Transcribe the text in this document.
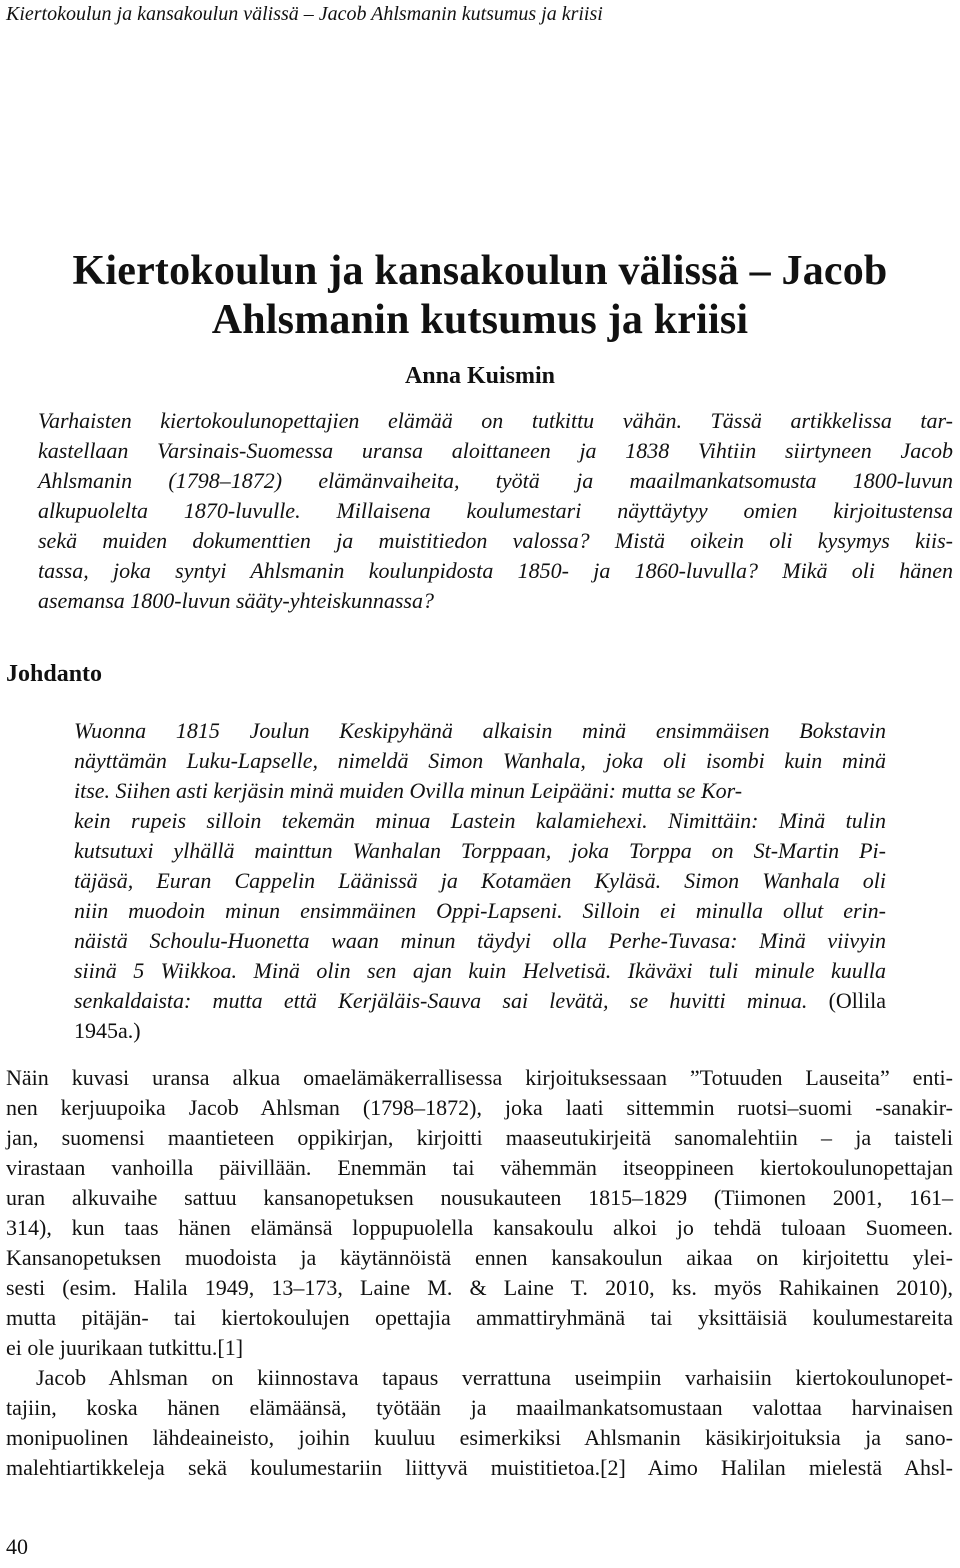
Kiertokoulun ja kansakoulun välissä – Jacob Ahlsmanin kutsumus ja kriisi
Kiertokoulun ja kansakoulun välissä – Jacob
Ahlsmanin kutsumus ja kriisi
Anna Kuismin
Varhaisten kiertokoulunopettajien elämää on tutkittu vähän. Tässä artikkelissa tar-
kastellaan Varsinais-Suomessa uransa aloittaneen ja 1838 Vihtiin siirtyneen Jacob
Ahlsmanin (1798–1872) elämänvaiheita, työtä ja maailmankatsomusta 1800-luvun
alkupuolelta 1870-luvulle. Millaisena koulumestari näyttäytyy omien kirjoitustensa
sekä muiden dokumenttien ja muistitiedon valossa? Mistä oikein oli kysymys kiis-
tassa, joka syntyi Ahlsmanin koulunpidosta 1850- ja 1860-luvulla? Mikä oli hänen
asemansa 1800-luvun sääty-yhteiskunnassa?
Johdanto
Wuonna 1815 Joulun Keskipyhänä alkaisin minä ensimmäisen Bokstavin
näyttämän Luku-Lapselle, nimeldä Simon Wanhala, joka oli isombi kuin minä
itse. Siihen asti kerjäsin minä muiden Ovilla minun Leipääni: mutta se Kor-
kein rupeis silloin tekemän minua Lastein kalamiehexi. Nimittäin: Minä tulin
kutsutuxi ylhällä mainttun Wanhalan Torppaan, joka Torppa on St-Martin Pi-
täjäsä, Euran Cappelin Läänissä ja Kotamäen Kyläsä. Simon Wanhala oli
niin muodoin minun ensimmäinen Oppi-Lapseni. Silloin ei minulla ollut erin-
näistä Schoulu-Huonetta waan minun täydyi olla Perhe-Tuvasa: Minä viivyin
siinä 5 Wiikkoa. Minä olin sen ajan kuin Helvetisä. Ikäväxi tuli minule kuulla
senkaldaista: mutta että Kerjäläis-Sauva sai levätä, se huvitti minua. (Ollila
1945a.)
Näin kuvasi uransa alkua omaelämäkerrallisessa kirjoituksessaan ”Totuuden Lauseita” enti-
nen kerjuupoika Jacob Ahlsman (1798–1872), joka laati sittemmin ruotsi–suomi -sanakir-
jan, suomensi maantieteen oppikirjan, kirjoitti maaseutukirjeitä sanomalehtiin – ja taisteli
virastaan vanhoilla päivillään. Enemmän tai vähemmän itseoppineen kiertokoulunopettajan
uran alkuvaihe sattuu kansanopetuksen nousukauteen 1815–1829 (Tiimonen 2001, 161–
314), kun taas hänen elämänsä loppupuolella kansakoulu alkoi jo tehdä tuloaan Suomeen.
Kansanopetuksen muodoista ja käytännöistä ennen kansakoulun aikaa on kirjoitettu ylei-
sesti (esim. Halila 1949, 13–173, Laine M. & Laine T. 2010, ks. myös Rahikainen 2010),
mutta pitäjän- tai kiertokoulujen opettajia ammattiryhmänä tai yksittäisiä koulumestareita
ei ole juurikaan tutkittu.[1]
Jacob Ahlsman on kiinnostava tapaus verrattuna useimpiin varhaisiin kiertokoulunopet-
tajiin, koska hänen elämäänsä, työtään ja maailmankatsomustaan valottaa harvinaisen
monipuolinen lähdeaineisto, joihin kuuluu esimerkiksi Ahlsmanin käsikirjoituksia ja sano-
malehtiartikkeleja sekä koulumestariin liittyvä muistitietoa.[2] Aimo Halilan mielestä Ahsl-
40
